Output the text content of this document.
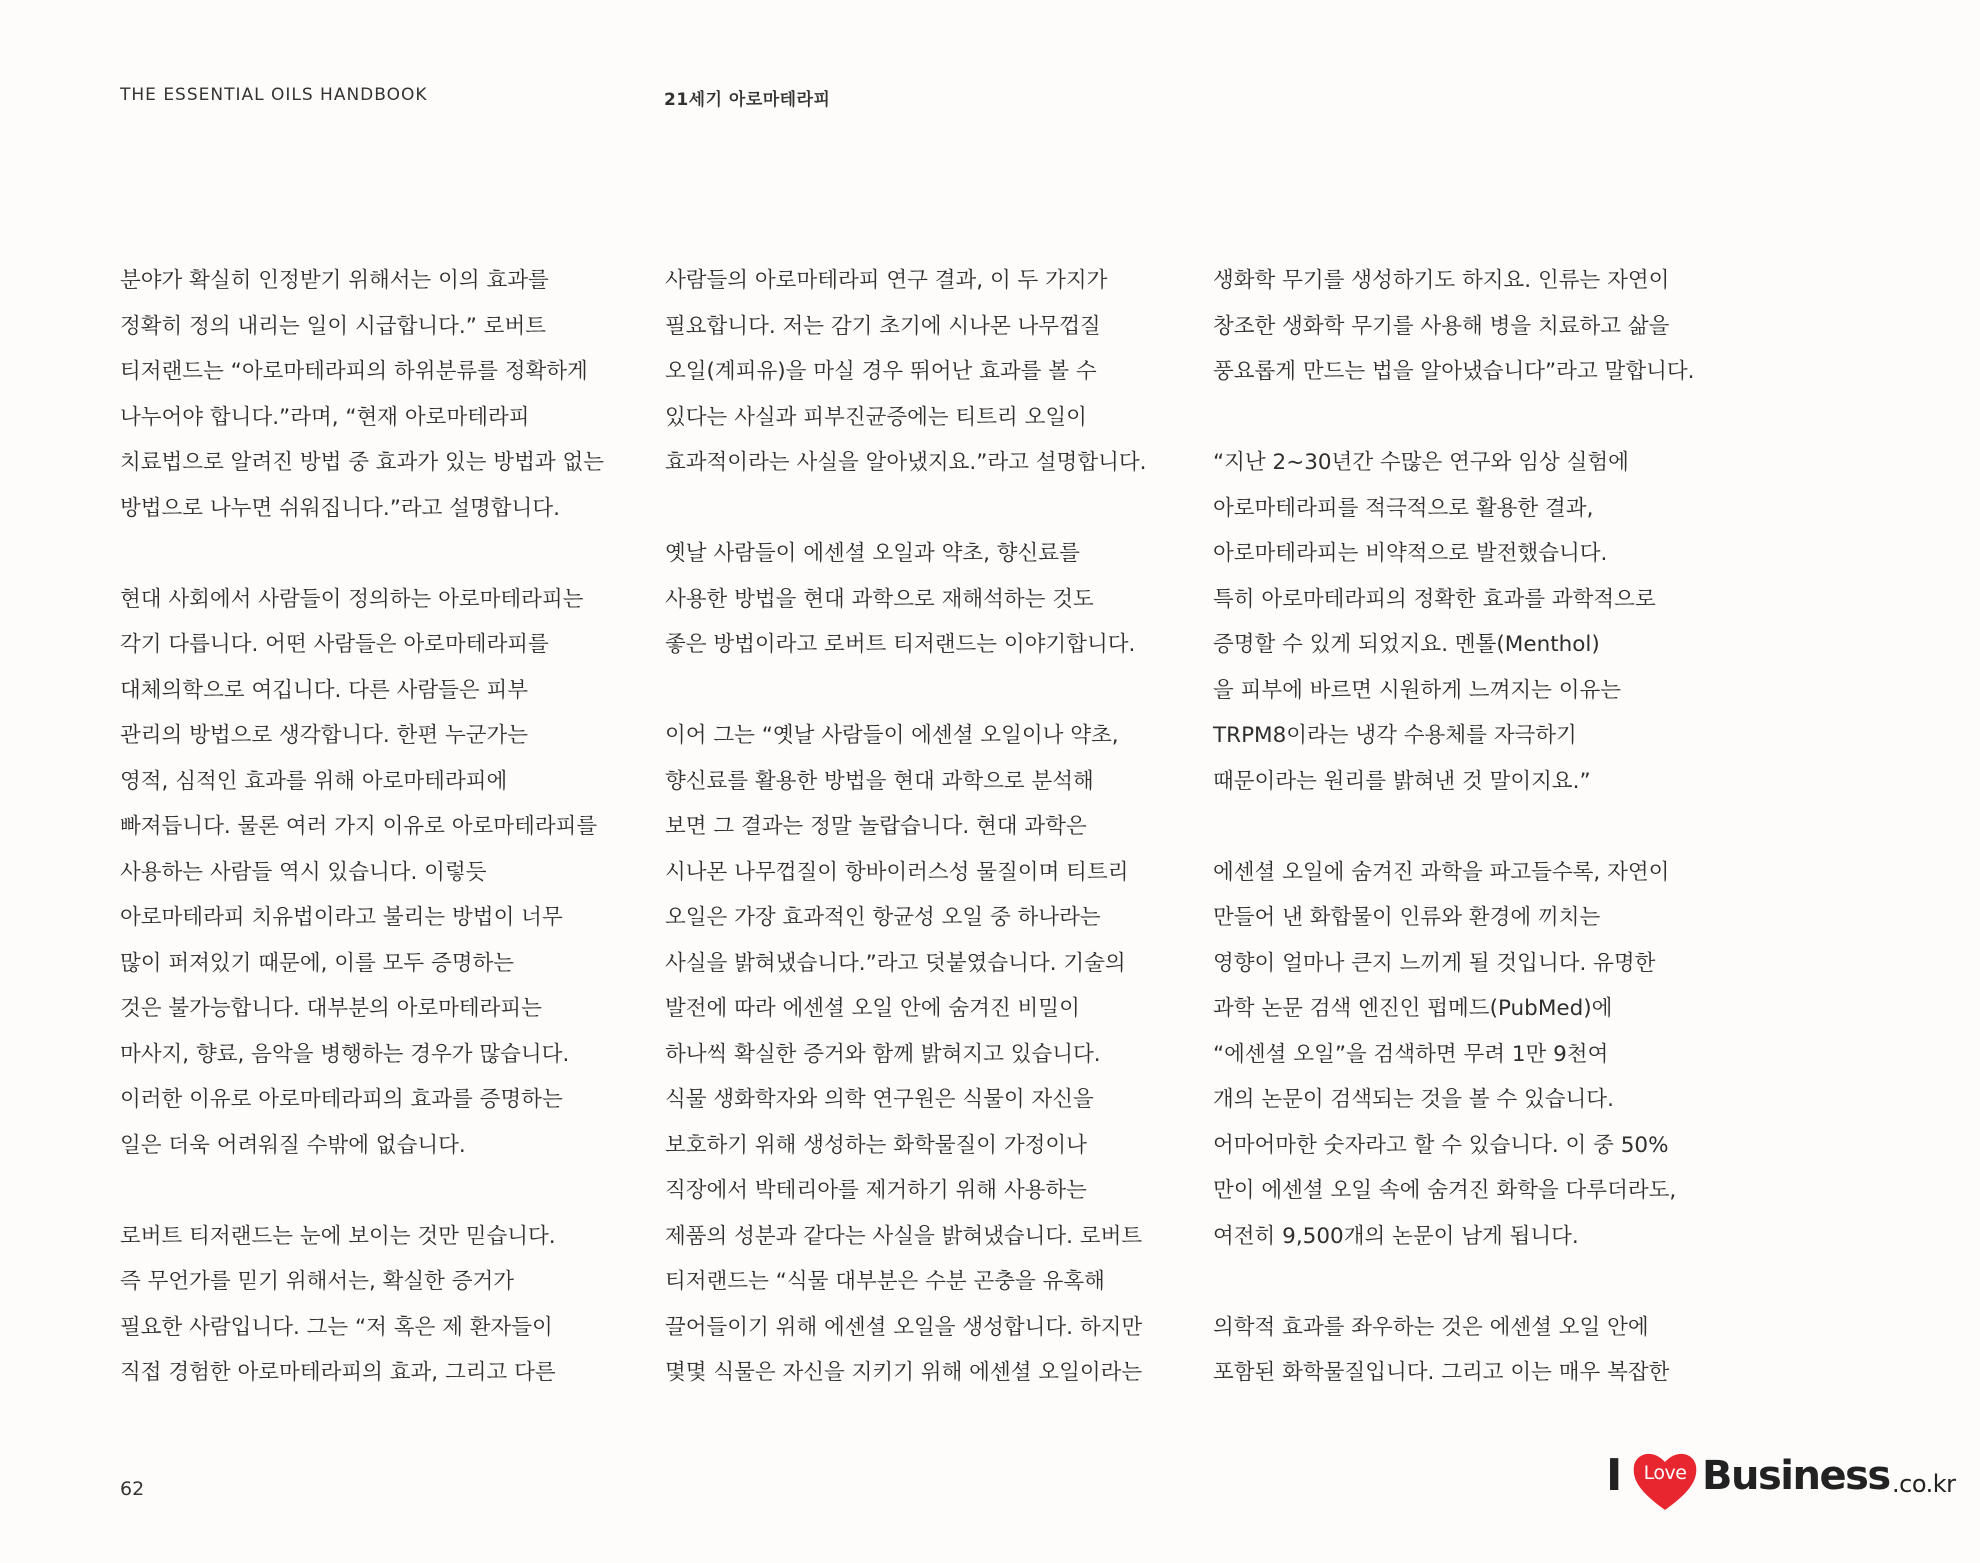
THE ESSENTIAL OILS HANDBOOK	21세기 아로마테라피

분야가 확실히 인정받기 위해서는 이의 효과를
정확히 정의 내리는 일이 시급합니다.” 로버트
티저랜드는 “아로마테라피의 하위분류를 정확하게
나누어야 합니다.”라며, “현재 아로마테라피
치료법으로 알려진 방법 중 효과가 있는 방법과 없는
방법으로 나누면 쉬워집니다.”라고 설명합니다.
현대 사회에서 사람들이 정의하는 아로마테라피는
각기 다릅니다. 어떤 사람들은 아로마테라피를
대체의학으로 여깁니다. 다른 사람들은 피부
관리의 방법으로 생각합니다. 한편 누군가는
영적, 심적인 효과를 위해 아로마테라피에
빠져듭니다. 물론 여러 가지 이유로 아로마테라피를
사용하는 사람들 역시 있습니다. 이렇듯
아로마테라피 치유법이라고 불리는 방법이 너무
많이 퍼져있기 때문에, 이를 모두 증명하는
것은 불가능합니다. 대부분의 아로마테라피는
마사지, 향료, 음악을 병행하는 경우가 많습니다.
이러한 이유로 아로마테라피의 효과를 증명하는
일은 더욱 어려워질 수밖에 없습니다.
로버트 티저랜드는 눈에 보이는 것만 믿습니다.
즉 무언가를 믿기 위해서는, 확실한 증거가
필요한 사람입니다. 그는 “저 혹은 제 환자들이
직접 경험한 아로마테라피의 효과, 그리고 다른
사람들의 아로마테라피 연구 결과, 이 두 가지가
필요합니다. 저는 감기 초기에 시나몬 나무껍질
오일(계피유)을 마실 경우 뛰어난 효과를 볼 수
있다는 사실과 피부진균증에는 티트리 오일이
효과적이라는 사실을 알아냈지요.”라고 설명합니다.
옛날 사람들이 에센셜 오일과 약초, 향신료를
사용한 방법을 현대 과학으로 재해석하는 것도
좋은 방법이라고 로버트 티저랜드는 이야기합니다.
이어 그는 “옛날 사람들이 에센셜 오일이나 약초,
향신료를 활용한 방법을 현대 과학으로 분석해
보면 그 결과는 정말 놀랍습니다. 현대 과학은
시나몬 나무껍질이 항바이러스성 물질이며 티트리
오일은 가장 효과적인 항균성 오일 중 하나라는
사실을 밝혀냈습니다.”라고 덧붙였습니다. 기술의
발전에 따라 에센셜 오일 안에 숨겨진 비밀이
하나씩 확실한 증거와 함께 밝혀지고 있습니다.
식물 생화학자와 의학 연구원은 식물이 자신을
보호하기 위해 생성하는 화학물질이 가정이나
직장에서 박테리아를 제거하기 위해 사용하는
제품의 성분과 같다는 사실을 밝혀냈습니다. 로버트
티저랜드는 “식물 대부분은 수분 곤충을 유혹해
끌어들이기 위해 에센셜 오일을 생성합니다. 하지만
몇몇 식물은 자신을 지키기 위해 에센셜 오일이라는
생화학 무기를 생성하기도 하지요. 인류는 자연이
창조한 생화학 무기를 사용해 병을 치료하고 삶을
풍요롭게 만드는 법을 알아냈습니다”라고 말합니다.
“지난 2~30년간 수많은 연구와 임상 실험에
아로마테라피를 적극적으로 활용한 결과,
아로마테라피는 비약적으로 발전했습니다.
특히 아로마테라피의 정확한 효과를 과학적으로
증명할 수 있게 되었지요. 멘톨(Menthol)
을 피부에 바르면 시원하게 느껴지는 이유는
TRPM8이라는 냉각 수용체를 자극하기
때문이라는 원리를 밝혀낸 것 말이지요.”
에센셜 오일에 숨겨진 과학을 파고들수록, 자연이
만들어 낸 화합물이 인류와 환경에 끼치는
영향이 얼마나 큰지 느끼게 될 것입니다. 유명한
과학 논문 검색 엔진인 펍메드(PubMed)에
“에센셜 오일”을 검색하면 무려 1만 9천여
개의 논문이 검색되는 것을 볼 수 있습니다.
어마어마한 숫자라고 할 수 있습니다. 이 중 50%
만이 에센셜 오일 속에 숨겨진 화학을 다루더라도,
여전히 9,500개의 논문이 남게 됩니다.
의학적 효과를 좌우하는 것은 에센셜 오일 안에
포함된 화학물질입니다. 그리고 이는 매우 복잡한
62	I	Love Business .co.kr
